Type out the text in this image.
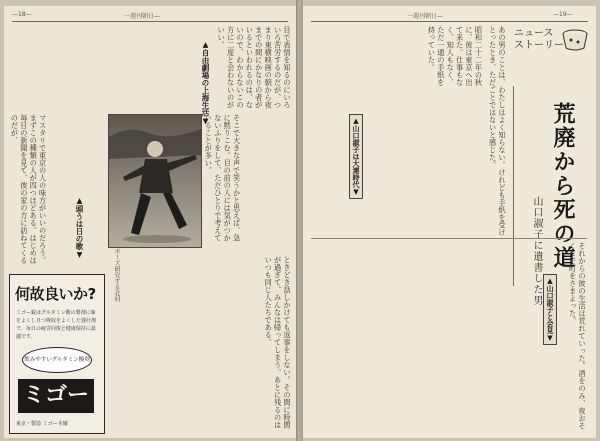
—18—	一週刊朝日—
目で表情を知るのにいろいろ苦労するのだが、つまり東横映画の朝から夜までの間にかなりの者がいるといわれるのは、ないので、わからないこの方に二度と会わないのがいい。
マスタリで東京の人の味方がいいのだろう。まずこの種類の人が四つほどある。はじめは毎日の新聞を見て、彼の家の方に訪ねてくるのだが、
▲頭うは日の歌▼	そこで大きな声で笑うかと思えば、急に黙りこむ。目の前の人には気がつかないふりをして、ただひとりで考えていることが多い。
▲自由劇場の上海生活▼
ポーズ研究する北村	ときどき話しかけても返事をしない。その間に時間が過ぎて、みんなは帰ってしまう。あとに残るのはいつも同じ人たちである。
何故良いか?
ミゴー錠はグルタミン酸の製剤に味をよくし且つ吸収をよくした強壮剤で、毎日の疲労回復と健康保持に最適です。
飲みやすいグルタミン酸剤
ミゴー
東京・製造 ミゴー本舗
一週刊朝日—	—19—
ニュース
ストーリー
荒廃から死の道
山口淑子に遺書した男
あの男のことは、わたしはよく知らない。けれども手紙を受けとったとき、ただごとではないと感じた。
昭和二十二年の秋に、彼は東京へ出て来た。仕事もなく、知人もなく、ただ一通の手紙を持っていた。
▲山口淑子は大連時代▼
それからの彼の生活は荒れていった。酒をのみ、夜おそくまで町をさまよった。
▲山口淑子と会見▼
